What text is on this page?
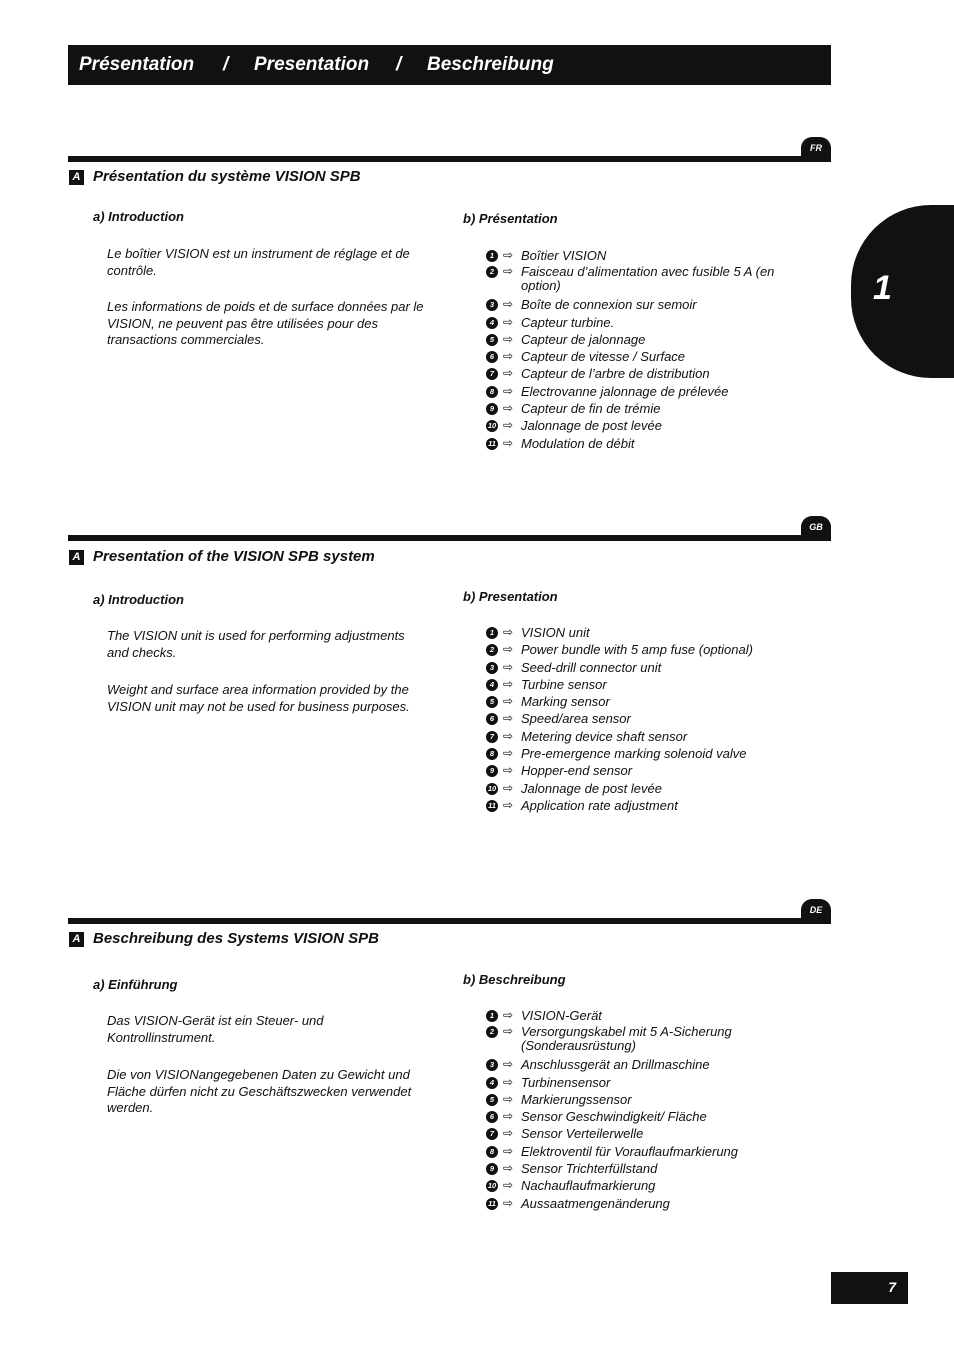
Présentation / Presentation / Beschreibung
1
FR
A Présentation du système VISION SPB
a) Introduction

Le boîtier VISION est un instrument de réglage et de contrôle.

Les informations de poids et de surface données par le VISION, ne peuvent pas être utilisées pour des transactions commerciales.

b) Présentation
1 ⇨ Boîtier VISION
2 ⇨ Faisceau d’alimentation avec fusible 5 A (en option)
3 ⇨ Boîte de connexion sur semoir
4 ⇨ Capteur turbine.
5 ⇨ Capteur de jalonnage
6 ⇨ Capteur de vitesse / Surface
7 ⇨ Capteur de l’arbre de distribution
8 ⇨ Electrovanne jalonnage de prélevée
9 ⇨ Capteur de fin de trémie
10 ⇨ Jalonnage de post levée
11 ⇨ Modulation de débit
GB
A Presentation of the VISION SPB system
a) Introduction

The VISION unit is used for performing adjustments and checks.

Weight and surface area information provided by the VISION unit may not be used for business purposes.

b) Presentation
1 ⇨ VISION unit
2 ⇨ Power bundle with 5 amp fuse (optional)
3 ⇨ Seed-drill connector unit
4 ⇨ Turbine sensor
5 ⇨ Marking sensor
6 ⇨ Speed/area sensor
7 ⇨ Metering device shaft sensor
8 ⇨ Pre-emergence marking solenoid valve
9 ⇨ Hopper-end sensor
10 ⇨ Jalonnage de post levée
11 ⇨ Application rate adjustment
DE
A Beschreibung des Systems VISION SPB
a) Einführung

Das VISION-Gerät ist ein Steuer- und Kontrollinstrument.

Die von VISIONangegebenen Daten zu Gewicht und Fläche dürfen nicht zu Geschäftszwecken verwendet werden.

b) Beschreibung
1 ⇨ VISION-Gerät
2 ⇨ Versorgungskabel mit 5 A-Sicherung (Sonderausrüstung)
3 ⇨ Anschlussgerät an Drillmaschine
4 ⇨ Turbinensensor
5 ⇨ Markierungssensor
6 ⇨ Sensor Geschwindigkeit/ Fläche
7 ⇨ Sensor Verteilerwelle
8 ⇨ Elektroventil für Vorauflaufmarkierung
9 ⇨ Sensor Trichterfüllstand
10 ⇨ Nachauflaufmarkierung
11 ⇨ Aussaatmengenänderung
7
